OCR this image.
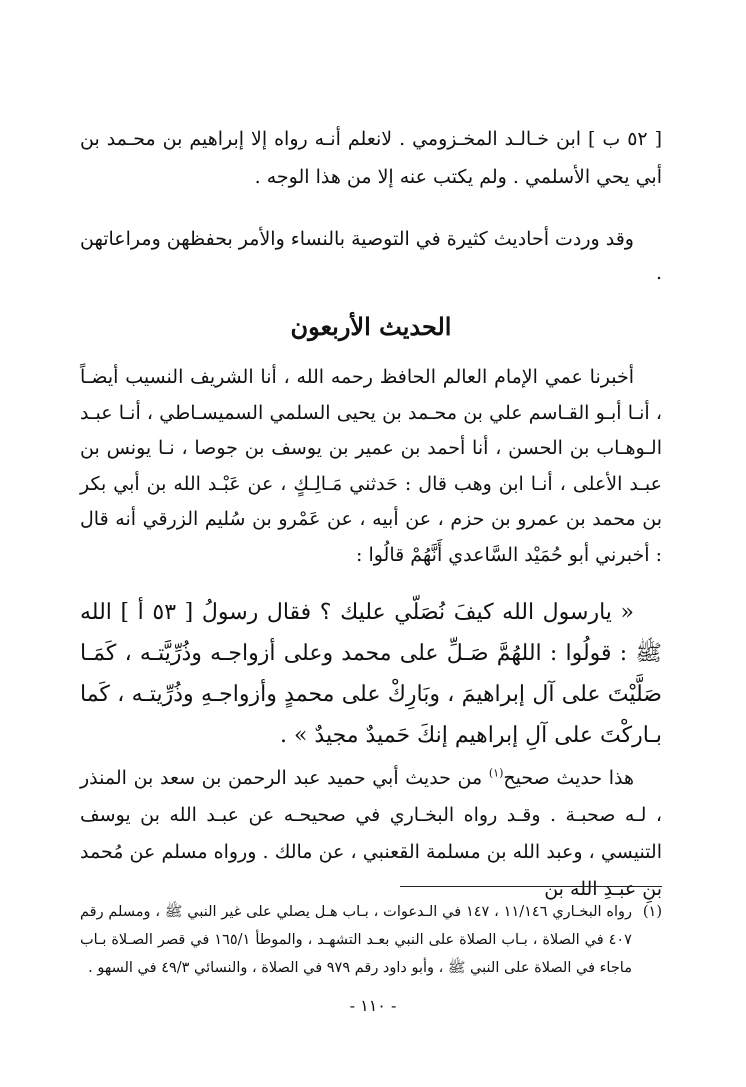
[ ٥٢ ب ] ابن خـالـد المخـزومي . لانعلم أنـه رواه إلا إبراهيم بن محـمد بن أبي يحي الأسلمي . ولم يكتب عنه إلا من هذا الوجه .
وقد وردت أحاديث كثيرة في التوصية بالنساء والأمر بحفظهن ومراعاتهن .
الحديث الأربعون
أخبرنا عمي الإمام العالم الحافظ رحمه الله ، أنا الشريف النسيب أيضـاً ، أنـا أبـو القـاسم علي بن محـمد بن يحيى السلمي السميسـاطي ، أنـا عبـد الـوهـاب بن الحسن ، أنا أحمد بن عمير بن يوسف بن جوصا ، نـا يونس بن عبـد الأعلى ، أنـا ابن وهب قال : حَدثني مَـالِـكٍ ، عن عَبْـد الله بن أبي بكر بن محمد بن عمرو بن حزم ، عن أبيه ، عن عَمْرو بن سُليم الزرقي أنه قال : أخبرني أبو حُمَيْد السَّاعدي أَنَّهُمْ قالُوا :
« يارسول الله كيفَ نُصَلّي عليك ؟ فقال رسولُ [ ٥٣ أ ] الله ﷺ : قولُوا : اللهُمَّ صَـلِّ على محمد وعلى أزواجـه وذُرِّيَّتـه ، كَمَـا صَلَّيْتَ على آل إبراهيمَ ، وبَارِكْ على محمدٍ وأزواجـهِ وذُرِّيتـه ، كَما بـاركْتَ على آلِ إبراهيم إنكَ حَميدٌ مجيدٌ » .
هذا حديث صحيح$^{(١)}$ من حديث أبي حميد عبد الرحمن بن سعد بن المنذر ، لـه صحبـة . وقـد رواه البخـاري في صحيحـه عن عبـد الله بن يوسف التنيسي ، وعبد الله بن مسلمة القعنبي ، عن مالك . ورواه مسلم عن مُحمد بنِ عبـدِ الله بن
(١)
رواه البخـاري ١١/١٤٦ ، ١٤٧ في الـدعوات ، بـاب هـل يصلي على غير النبي ﷺ ، ومسلم رقم ٤٠٧ في الصلاة ، بـاب الصلاة على النبي بعـد التشهـد ، والموطأ ١٦٥/١ في قصر الصـلاة بـاب ماجاء في الصلاة على النبي ﷺ ، وأبو داود رقم ٩٧٩ في الصلاة ، والنسائي ٤٩/٣ في السهو .
- ١١٠ -
